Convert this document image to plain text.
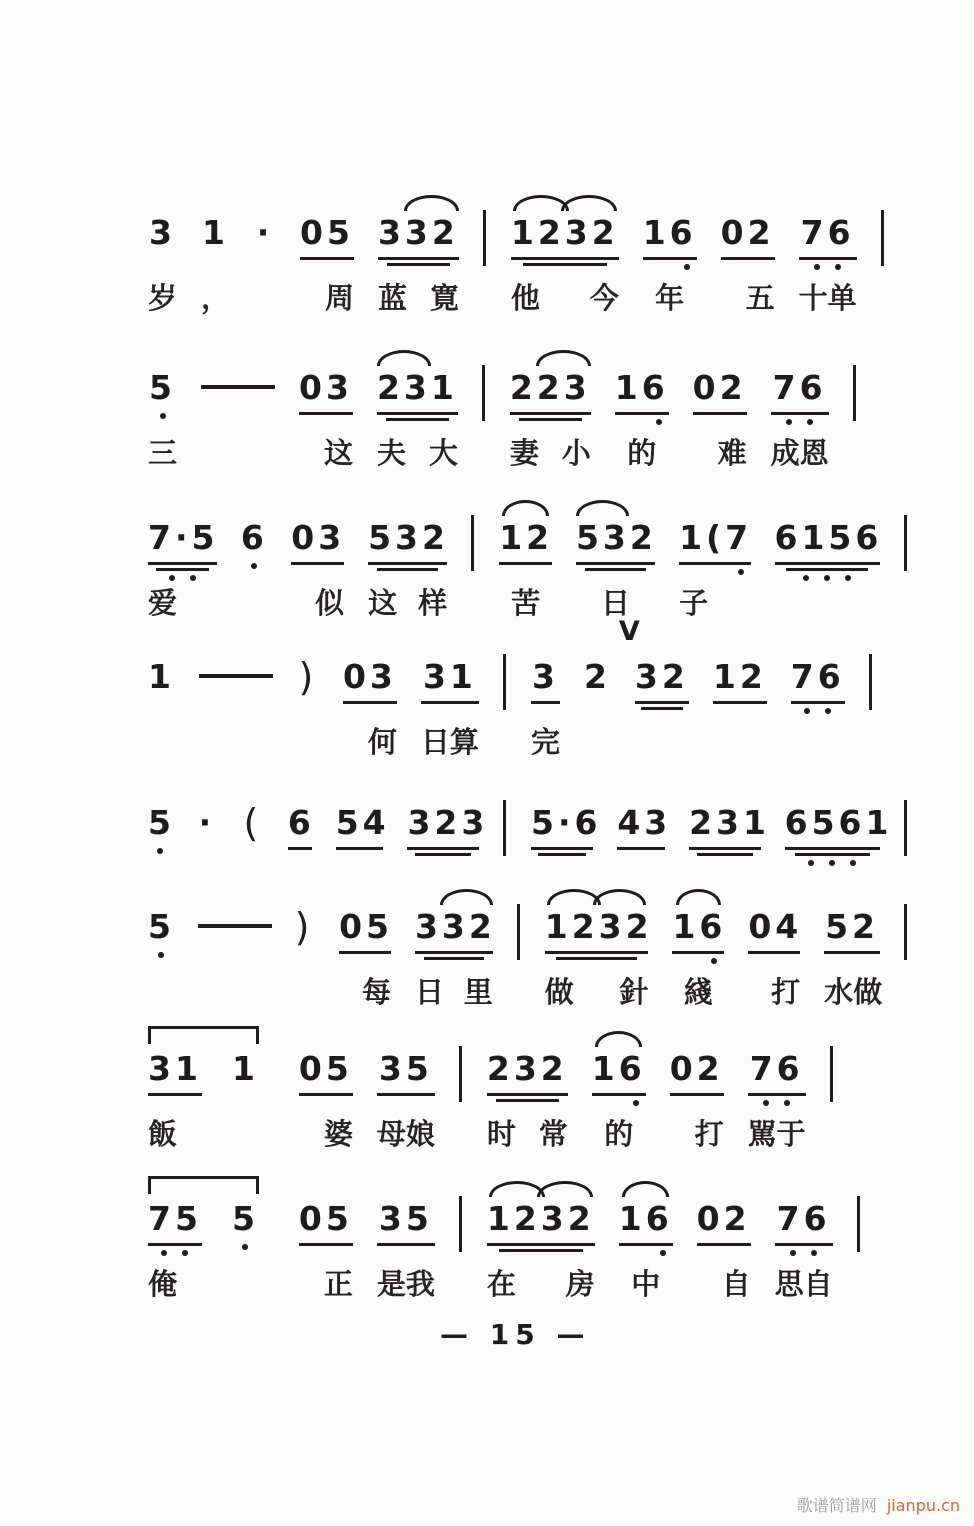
3
岁
1
，
· 05
周
332
蓝 寛
1232
他 今
16
年
02
五
76
十 单
5
三
03
这
231
夫 大
223
妻 小
16
的
02
难
76
成 恩
7·5
爱
6 03
似
532
这 样
12
苦
532
日
1(7
子
6156
1	) 03
何
31
日 算
3
完
2
V
32 12 76
5 · ( 6 54 323 5·6 43 231 6561
5	) 05
每
332
日 里
1232
做 針
16
綫
04
打
52
水 做
31 1
飯
05
婆
35
母 娘
232
时 常
16
的
02
打
76
駡 于
75 5
俺
05
正
35
是 我
1232
在 房
16
中
02
自
76
思 自
— 15 —
歌谱简谱网 jianpu.cn
